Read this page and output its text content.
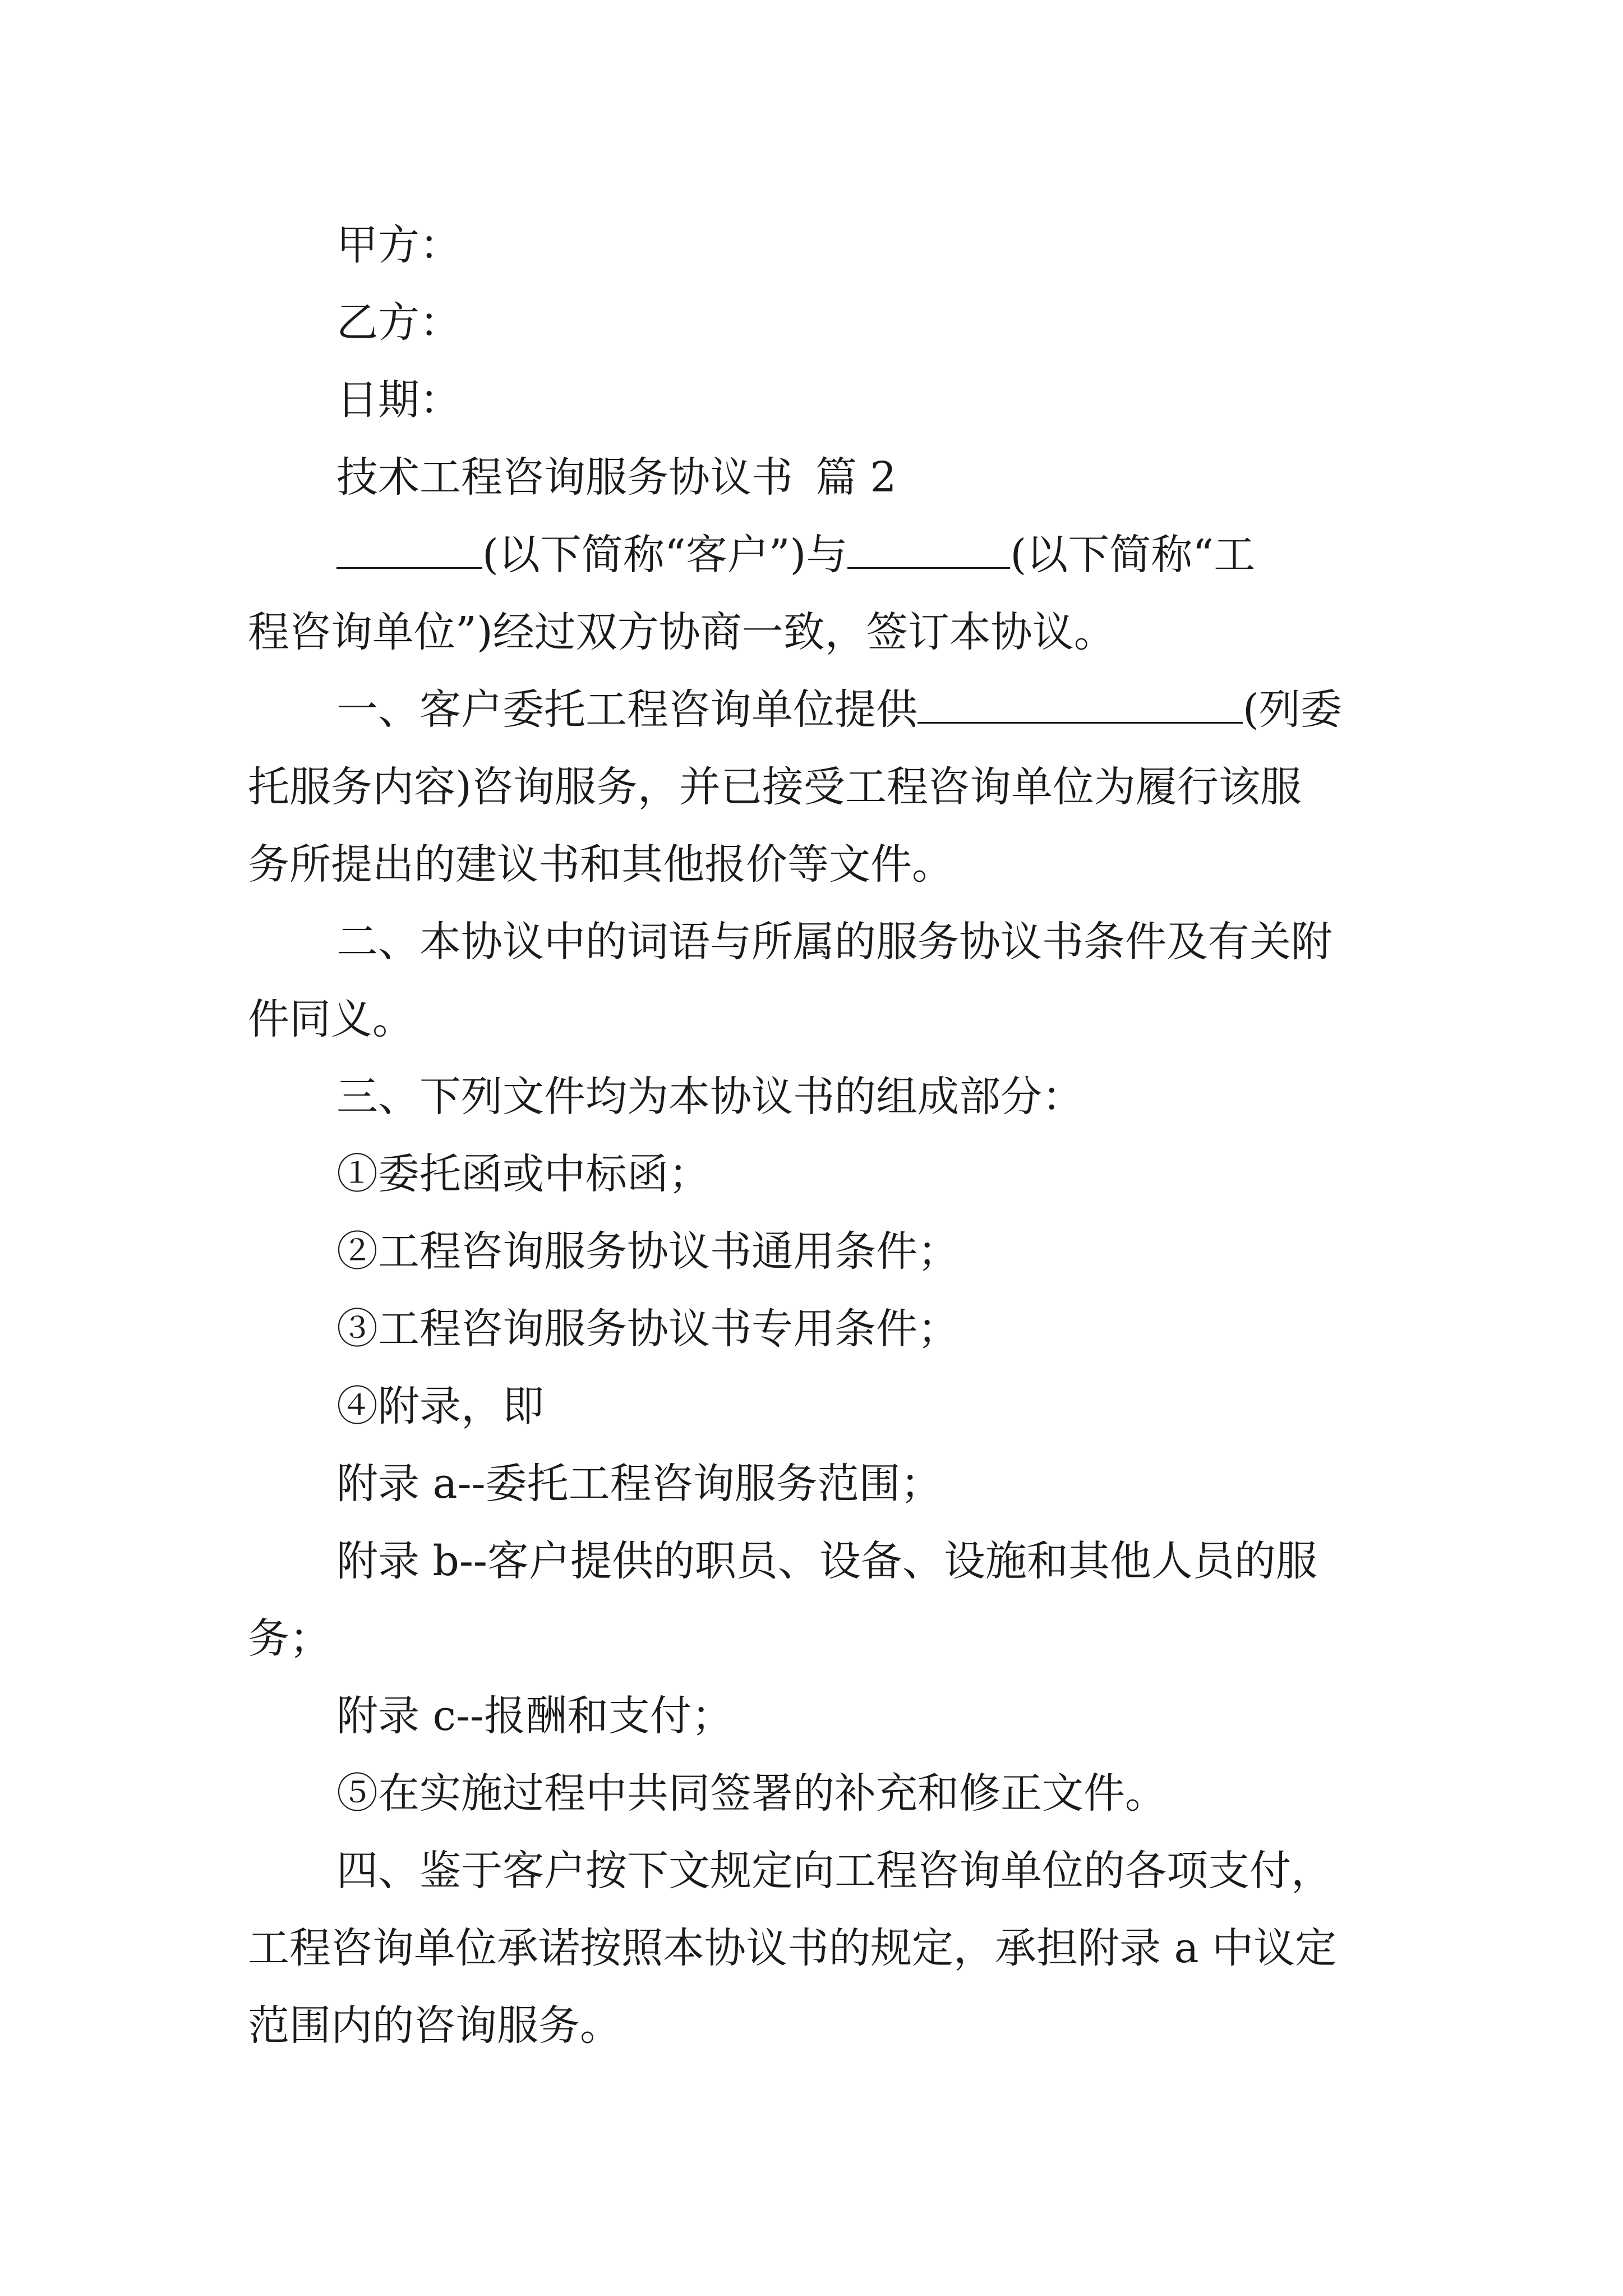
甲方：
乙方：
日期：
技术工程咨询服务协议书 篇 2
(以下简称“客户”)与	(以下简称“工
程咨询单位”)经过双方协商一致，签订本协议。
一、客户委托工程咨询单位提供	(列委
托服务内容)咨询服务，并已接受工程咨询单位为履行该服
务所提出的建议书和其他报价等文件。
二、本协议中的词语与所属的服务协议书条件及有关附
件同义。
三、下列文件均为本协议书的组成部分：
①委托函或中标函；
②工程咨询服务协议书通用条件；
③工程咨询服务协议书专用条件；
④附录，即
附录 a--委托工程咨询服务范围；
附录 b--客户提供的职员、设备、设施和其他人员的服
务；
附录 c--报酬和支付；
⑤在实施过程中共同签署的补充和修正文件。
四、鉴于客户按下文规定向工程咨询单位的各项支付，
工程咨询单位承诺按照本协议书的规定，承担附录 a 中议定
范围内的咨询服务。
